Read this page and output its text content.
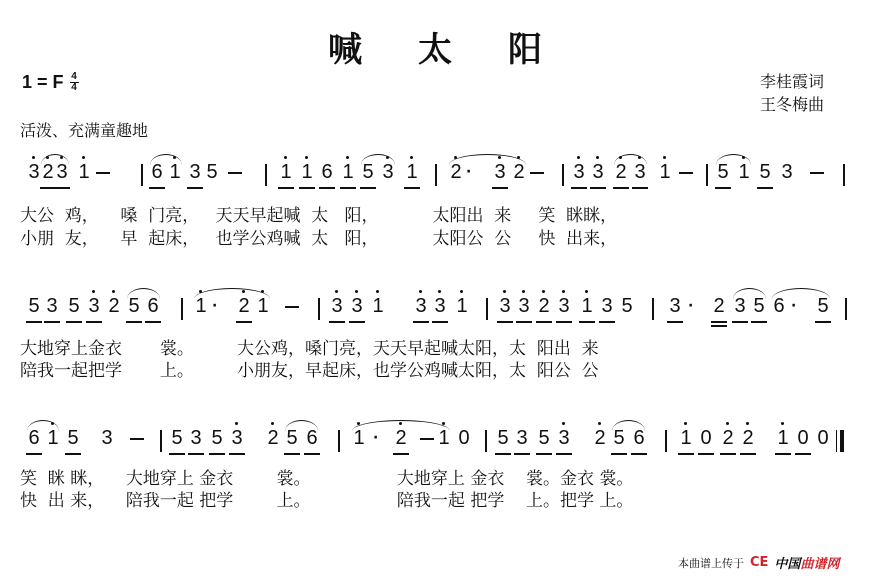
喊太阳
1 = F $\frac{4}{4}$
活泼、充满童趣地
李桂霞词
王冬梅曲
3 2 3 1	6 1 3 5	1 1 6 1 5 3 1 2 3 2 3 3 2 3 1 5 1 5 3
·
大公  鸡，    嗓  门亮，   天天早起喊  太   阳，          太阳出  来     笑  眯眯，
小朋  友，    早  起床，   也学公鸡喊  太   阳，          太阳公  公     快  出来，
5 3 5 3 2 5 6 1 2 1	3 3 1 3 3 1 3 3 2 3 1 3 5 3 2 3 5 6 5
·	·	·
大地穿上金衣       裳。        大公鸡，嗓门亮，天天早起喊太阳，太  阳出  来
陪我一起把学       上。        小朋友，早起床，也学公鸡喊太阳，太  阳公  公
6 1 5 3	5 3 5 3 2 5 6 1 2 1 0 5 3 5 3 2 5 6 1 0 2 2 1 0 0
·
笑  眯 眯，    大地穿上 金衣        裳。                大地穿上 金衣    裳。金衣 裳。
快  出 来，    陪我一起 把学        上。                陪我一起 把学    上。把学 上。
本曲谱上传于 CE 中国曲谱网
